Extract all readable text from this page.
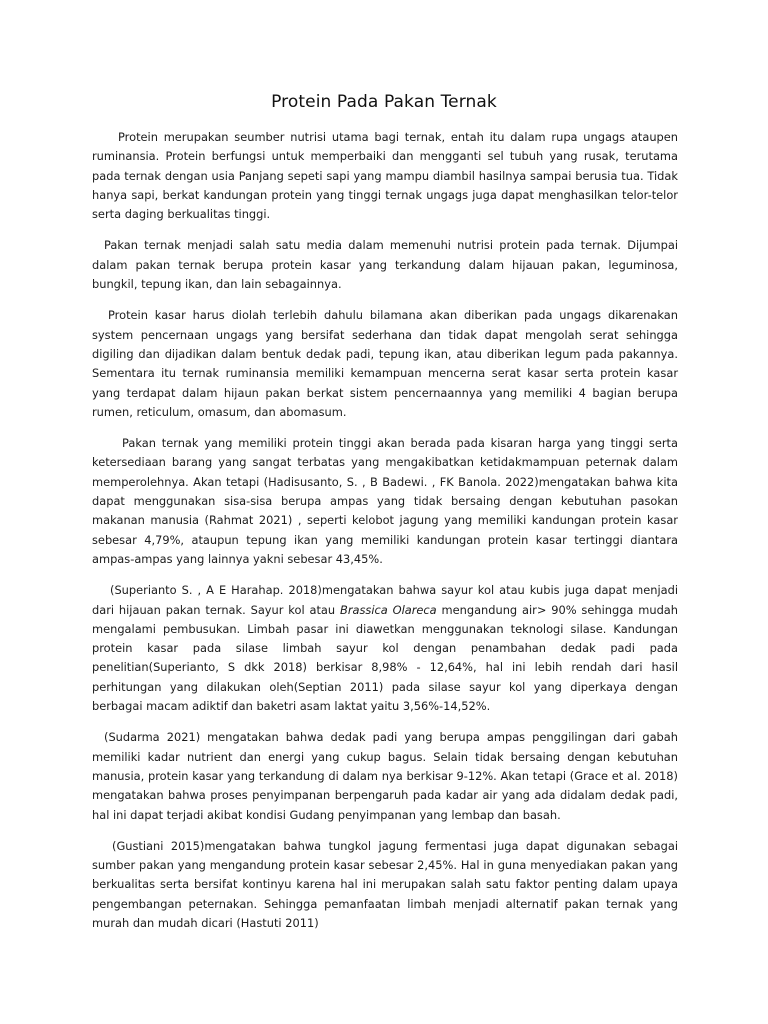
Protein Pada Pakan Ternak

Protein merupakan seumber nutrisi utama bagi ternak, entah itu dalam rupa ungags ataupen ruminansia. Protein berfungsi untuk memperbaiki dan mengganti sel tubuh yang rusak, terutama pada ternak dengan usia Panjang sepeti sapi yang mampu diambil hasilnya sampai berusia tua. Tidak hanya sapi, berkat kandungan protein yang tinggi ternak ungags juga dapat menghasilkan telor-telor serta daging berkualitas tinggi.

Pakan ternak menjadi salah satu media dalam memenuhi nutrisi protein pada ternak. Dijumpai dalam pakan ternak berupa protein kasar yang terkandung dalam hijauan pakan, leguminosa, bungkil, tepung ikan, dan lain sebagainnya.

Protein kasar harus diolah terlebih dahulu bilamana akan diberikan pada ungags dikarenakan system pencernaan ungags yang bersifat sederhana dan tidak dapat mengolah serat sehingga digiling dan dijadikan dalam bentuk dedak padi, tepung ikan, atau diberikan legum pada pakannya. Sementara itu ternak ruminansia memiliki kemampuan mencerna serat kasar serta protein kasar yang terdapat dalam hijaun pakan berkat sistem pencernaannya yang memiliki 4 bagian berupa rumen, reticulum, omasum, dan abomasum.

Pakan ternak yang memiliki protein tinggi akan berada pada kisaran harga yang tinggi serta ketersediaan barang yang sangat terbatas yang mengakibatkan ketidakmampuan peternak dalam memperolehnya. Akan tetapi (Hadisusanto, S. , B Badewi. , FK Banola. 2022)mengatakan bahwa kita dapat menggunakan sisa-sisa berupa ampas yang tidak bersaing dengan kebutuhan pasokan makanan manusia (Rahmat 2021) , seperti kelobot jagung yang memiliki kandungan protein kasar sebesar 4,79%, ataupun tepung ikan yang memiliki kandungan protein kasar tertinggi diantara ampas-ampas yang lainnya yakni sebesar 43,45%.

(Superianto S. , A E Harahap. 2018)mengatakan bahwa sayur kol atau kubis juga dapat menjadi dari hijauan pakan ternak. Sayur kol atau Brassica Olareca mengandung air> 90% sehingga mudah mengalami pembusukan. Limbah pasar ini diawetkan menggunakan teknologi silase. Kandungan protein kasar pada silase limbah sayur kol dengan penambahan dedak padi pada penelitian(Superianto, S dkk 2018) berkisar 8,98% - 12,64%, hal ini lebih rendah dari hasil perhitungan yang dilakukan oleh(Septian 2011) pada silase sayur kol yang diperkaya dengan berbagai macam adiktif dan baketri asam laktat yaitu 3,56%-14,52%.

(Sudarma 2021) mengatakan bahwa dedak padi yang berupa ampas penggilingan dari gabah memiliki kadar nutrient dan energi yang cukup bagus. Selain tidak bersaing dengan kebutuhan manusia, protein kasar yang terkandung di dalam nya berkisar 9-12%. Akan tetapi (Grace et al. 2018) mengatakan bahwa proses penyimpanan berpengaruh pada kadar air yang ada didalam dedak padi, hal ini dapat terjadi akibat kondisi Gudang penyimpanan yang lembap dan basah.

(Gustiani 2015)mengatakan bahwa tungkol jagung fermentasi juga dapat digunakan sebagai sumber pakan yang mengandung protein kasar sebesar 2,45%. Hal in guna menyediakan pakan yang berkualitas serta bersifat kontinyu karena hal ini merupakan salah satu faktor penting dalam upaya pengembangan peternakan. Sehingga pemanfaatan limbah menjadi alternatif pakan ternak yang murah dan mudah dicari (Hastuti 2011)
